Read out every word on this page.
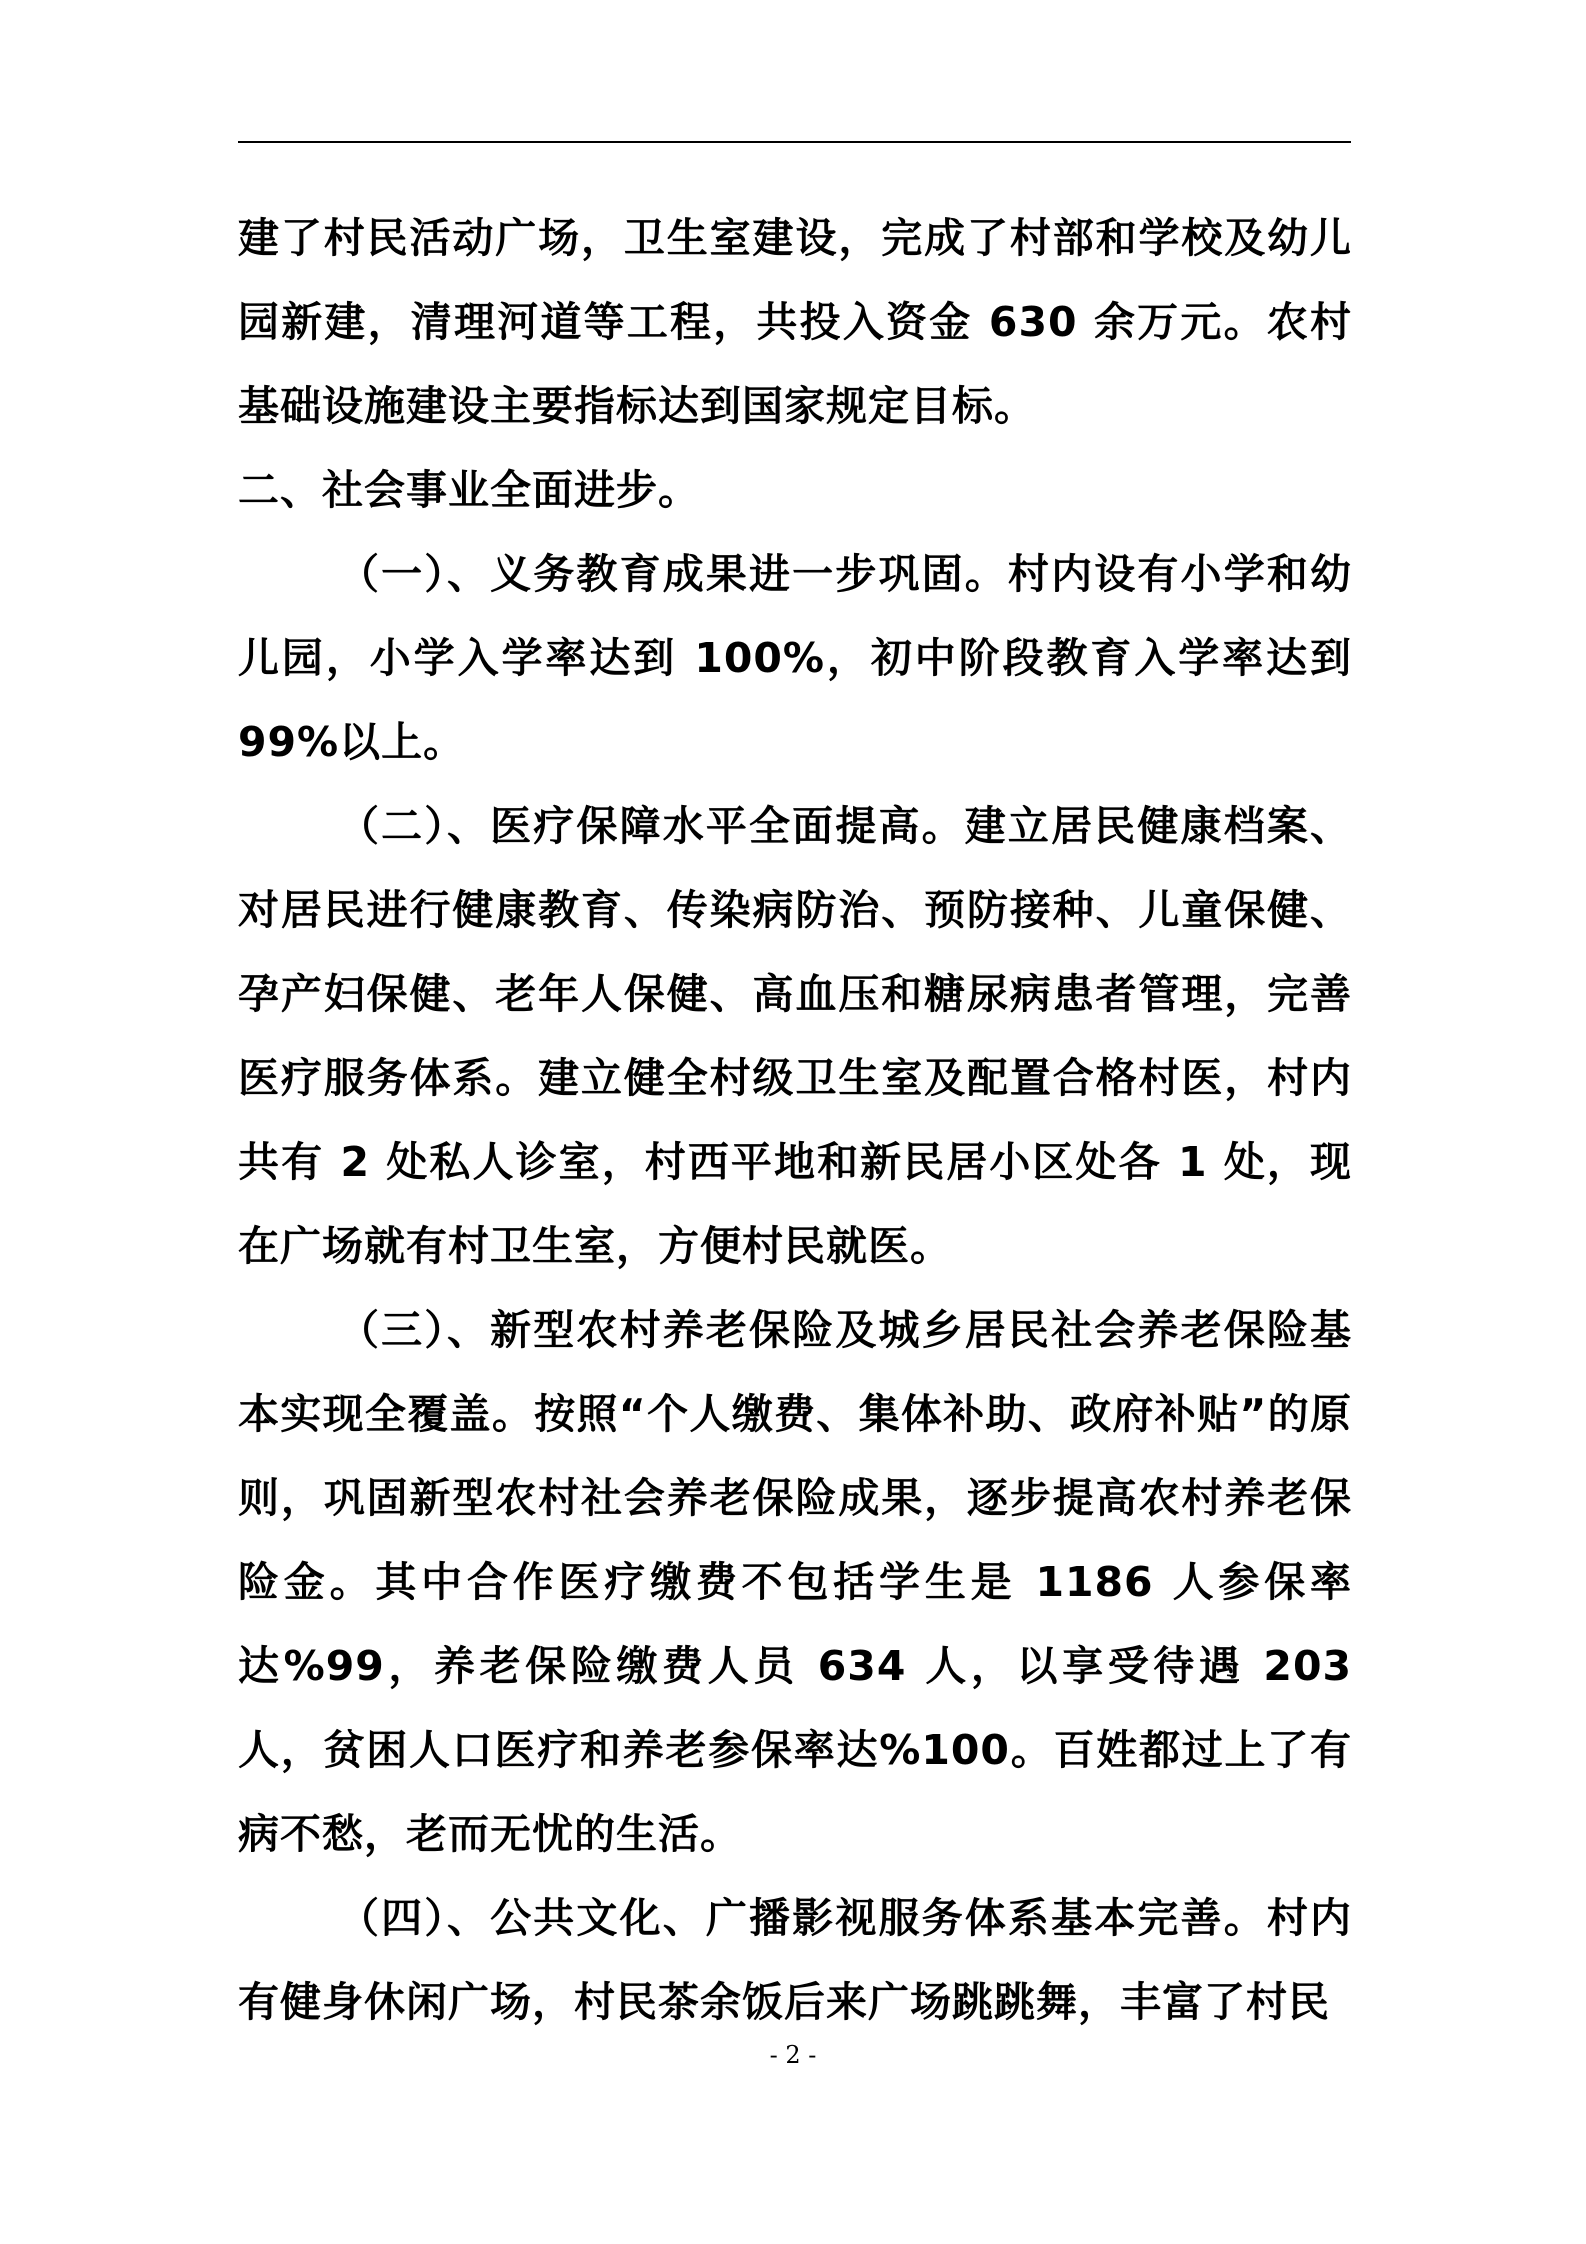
建了村民活动广场，卫生室建设，完成了村部和学校及幼儿园新建，清理河道等工程，共投入资金 630 余万元。农村基础设施建设主要指标达到国家规定目标。

二、社会事业全面进步。

（一）、义务教育成果进一步巩固。村内设有小学和幼儿园，小学入学率达到 100%，初中阶段教育入学率达到 99%以上。

（二）、医疗保障水平全面提高。建立居民健康档案、对居民进行健康教育、传染病防治、预防接种、儿童保健、孕产妇保健、老年人保健、高血压和糖尿病患者管理，完善医疗服务体系。建立健全村级卫生室及配置合格村医，村内共有 2 处私人诊室，村西平地和新民居小区处各 1 处，现在广场就有村卫生室，方便村民就医。

（三）、新型农村养老保险及城乡居民社会养老保险基本实现全覆盖。按照“个人缴费、集体补助、政府补贴”的原则，巩固新型农村社会养老保险成果，逐步提高农村养老保险金。其中合作医疗缴费不包括学生是 1186 人参保率达%99，养老保险缴费人员 634 人，以享受待遇 203 人，贫困人口医疗和养老参保率达%100。百姓都过上了有病不愁，老而无忧的生活。

（四）、公共文化、广播影视服务体系基本完善。村内有健身休闲广场，村民茶余饭后来广场跳跳舞，丰富了村民

- 2 -
